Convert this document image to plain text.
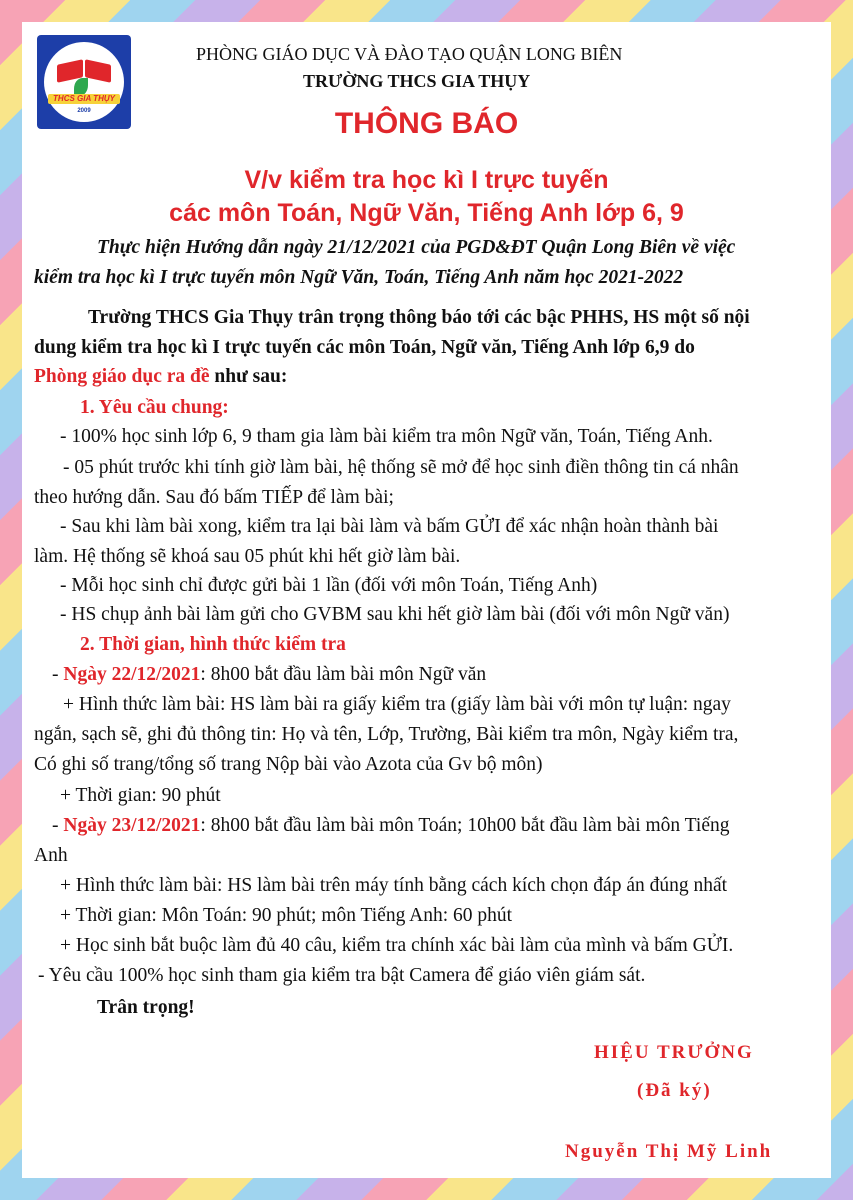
THCS GIA THỤY
2009

PHÒNG GIÁO DỤC VÀ ĐÀO TẠO QUẬN LONG BIÊN

TRƯỜNG THCS GIA THỤY

THÔNG BÁO

V/v kiểm tra học kì I trực tuyến

các môn Toán, Ngữ Văn, Tiếng Anh lớp 6, 9

Thực hiện Hướng dẫn ngày 21/12/2021 của PGD&ĐT Quận Long Biên về việc

kiểm tra học kì I trực tuyến môn Ngữ Văn, Toán, Tiếng Anh năm học 2021-2022

Trường THCS Gia Thụy trân trọng thông báo tới các bậc PHHS, HS một số nội

dung kiểm tra học kì I trực tuyến các môn Toán, Ngữ văn, Tiếng Anh lớp 6,9 do

Phòng giáo dục ra đề như sau:

1. Yêu cầu chung:

- 100% học sinh lớp 6, 9 tham gia làm bài kiểm tra môn Ngữ văn, Toán, Tiếng Anh.

- 05 phút trước khi tính giờ làm bài, hệ thống sẽ mở để học sinh điền thông tin cá nhân

theo hướng dẫn. Sau đó bấm TIẾP để làm bài;

- Sau khi làm bài xong, kiểm tra lại bài làm và bấm GỬI để xác nhận hoàn thành bài

làm. Hệ thống sẽ khoá sau 05 phút khi hết giờ làm bài.

- Mỗi học sinh chỉ được gửi bài 1 lần (đối với môn Toán, Tiếng Anh)

- HS chụp ảnh bài làm gửi cho GVBM sau khi hết giờ làm bài (đối với môn Ngữ văn)

2. Thời gian, hình thức kiểm tra

- Ngày 22/12/2021: 8h00 bắt đầu làm bài môn Ngữ văn

+ Hình thức làm bài: HS làm bài ra giấy kiểm tra (giấy làm bài với môn tự luận: ngay

ngắn, sạch sẽ, ghi đủ thông tin: Họ và tên, Lớp, Trường, Bài kiểm tra môn, Ngày kiểm tra,

Có ghi số trang/tổng số trang Nộp bài vào Azota của Gv bộ môn)

+ Thời gian: 90 phút

- Ngày 23/12/2021: 8h00 bắt đầu làm bài môn Toán; 10h00 bắt đầu làm bài môn Tiếng

Anh

+ Hình thức làm bài: HS làm bài trên máy tính bằng cách kích chọn đáp án đúng nhất

+ Thời gian: Môn Toán: 90 phút; môn Tiếng Anh: 60 phút

+ Học sinh bắt buộc làm đủ 40 câu, kiểm tra chính xác bài làm của mình và bấm GỬI.

- Yêu cầu 100% học sinh tham gia kiểm tra bật Camera để giáo viên giám sát.

Trân trọng!

HIỆU TRƯỞNG

(Đã ký)

Nguyễn Thị Mỹ Linh
